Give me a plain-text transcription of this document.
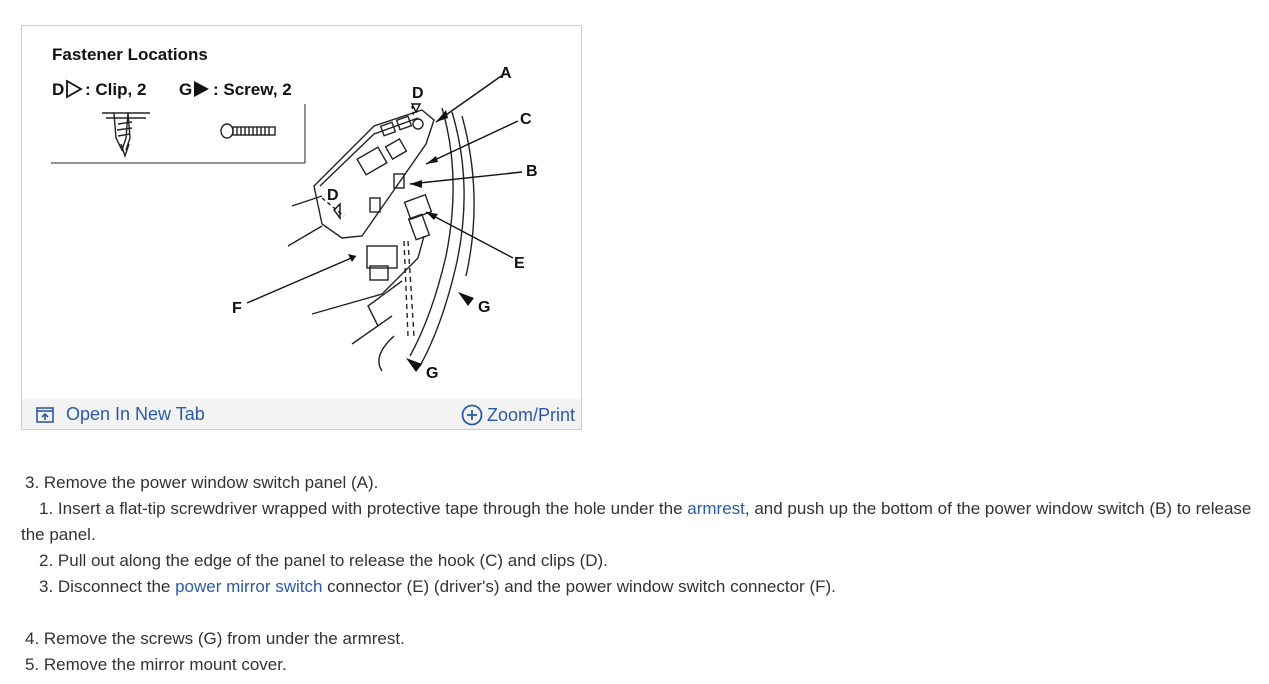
Fastener Locations
D : Clip, 2 G : Screw, 2
A
C
B
E
G
G
F
D
D
Open In New Tab	Zoom/Print

3. Remove the power window switch panel (A).

1. Insert a flat-tip screwdriver wrapped with protective tape through the hole under the armrest, and push up the bottom of the power window switch (B) to release the panel.

2. Pull out along the edge of the panel to release the hook (C) and clips (D).

3. Disconnect the power mirror switch connector (E) (driver's) and the power window switch connector (F).

4. Remove the screws (G) from under the armrest.

5. Remove the mirror mount cover.
